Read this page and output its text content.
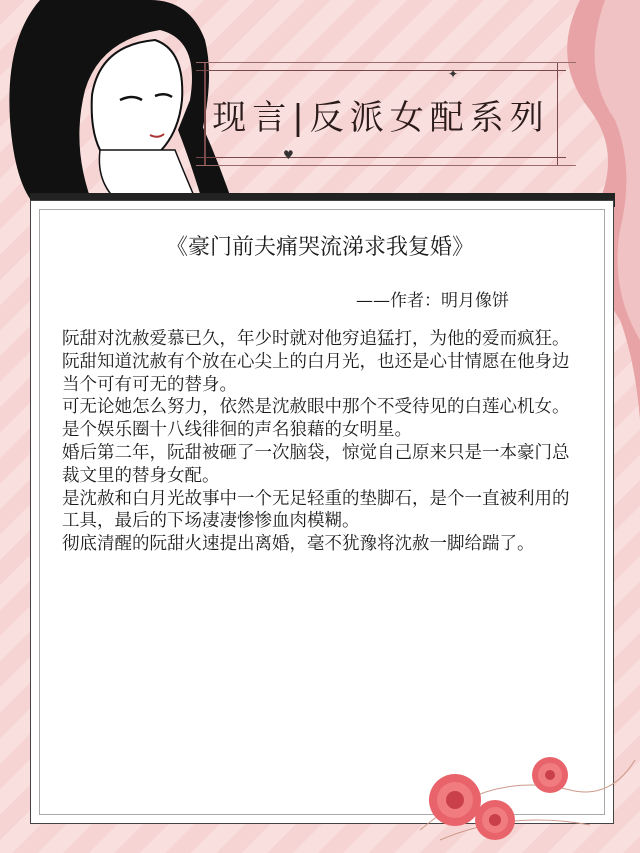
现言|反派女配系列
✦
♥
《豪门前夫痛哭流涕求我复婚》
——作者：明月像饼

阮甜对沈赦爱慕已久，年少时就对他穷追猛打，为他的爱而疯狂。

阮甜知道沈赦有个放在心尖上的白月光，也还是心甘情愿在他身边当个可有可无的替身。

可无论她怎么努力，依然是沈赦眼中那个不受待见的白莲心机女。

是个娱乐圈十八线徘徊的声名狼藉的女明星。

婚后第二年，阮甜被砸了一次脑袋，惊觉自己原来只是一本豪门总裁文里的替身女配。

是沈赦和白月光故事中一个无足轻重的垫脚石，是个一直被利用的工具，最后的下场凄凄惨惨血肉模糊。

彻底清醒的阮甜火速提出离婚，毫不犹豫将沈赦一脚给踹了。
